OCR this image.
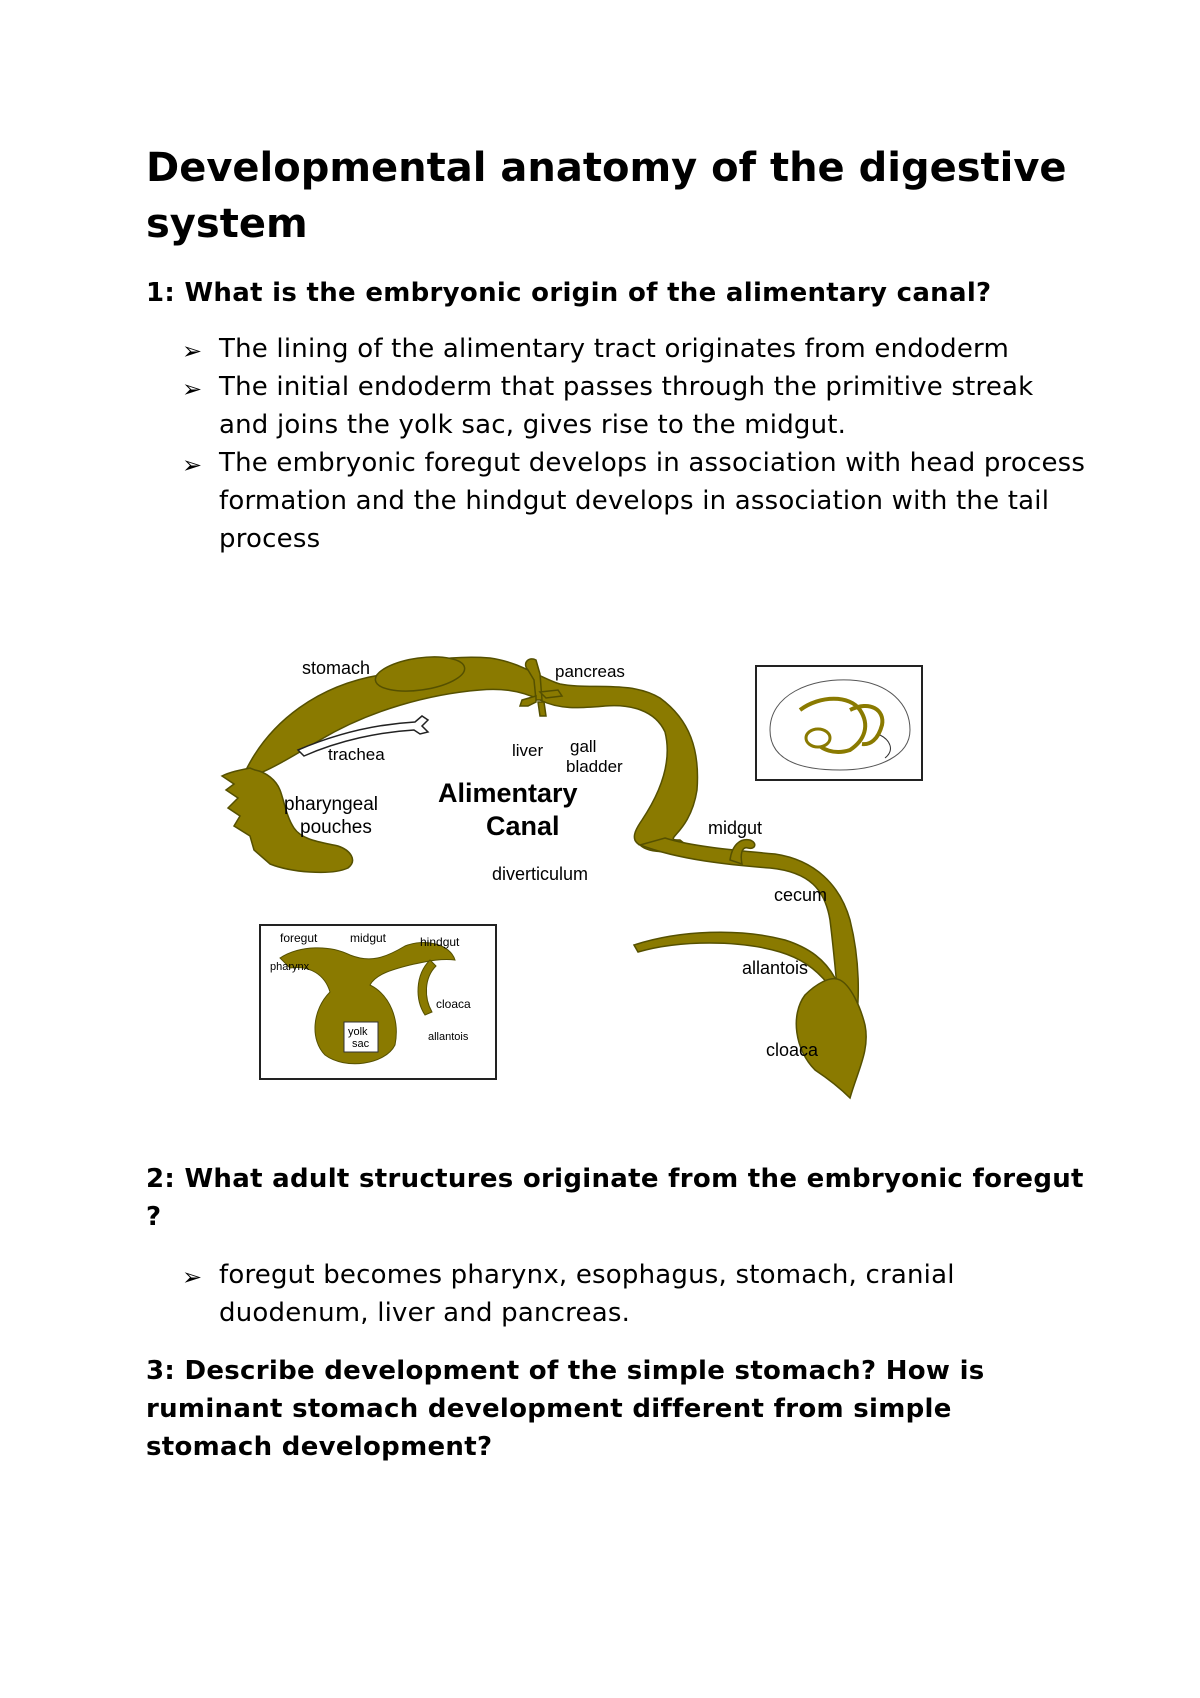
Developmental anatomy of the digestive system

1: What is the embryonic origin of the alimentary canal?

➢ The lining of the alimentary tract originates from endoderm
➢ The initial endoderm that passes through the primitive streak and joins the yolk sac, gives rise to the midgut.
➢ The embryonic foregut develops in association with head process formation and the hindgut develops in association with the tail process
stomach	pancreas
trachea	liver gall
bladder
pharyngeal
pouches
Alimentary
Canal	midgut
diverticulum
cecum
allantois
cloaca
foregut	midgut	hindgut
pharynx
cloaca
yolk
sac
allantois

2: What adult structures originate from the embryonic foregut ?

➢ foregut becomes pharynx, esophagus, stomach, cranial duodenum, liver and pancreas.

3: Describe development of the simple stomach? How is ruminant stomach development different from simple stomach development?
